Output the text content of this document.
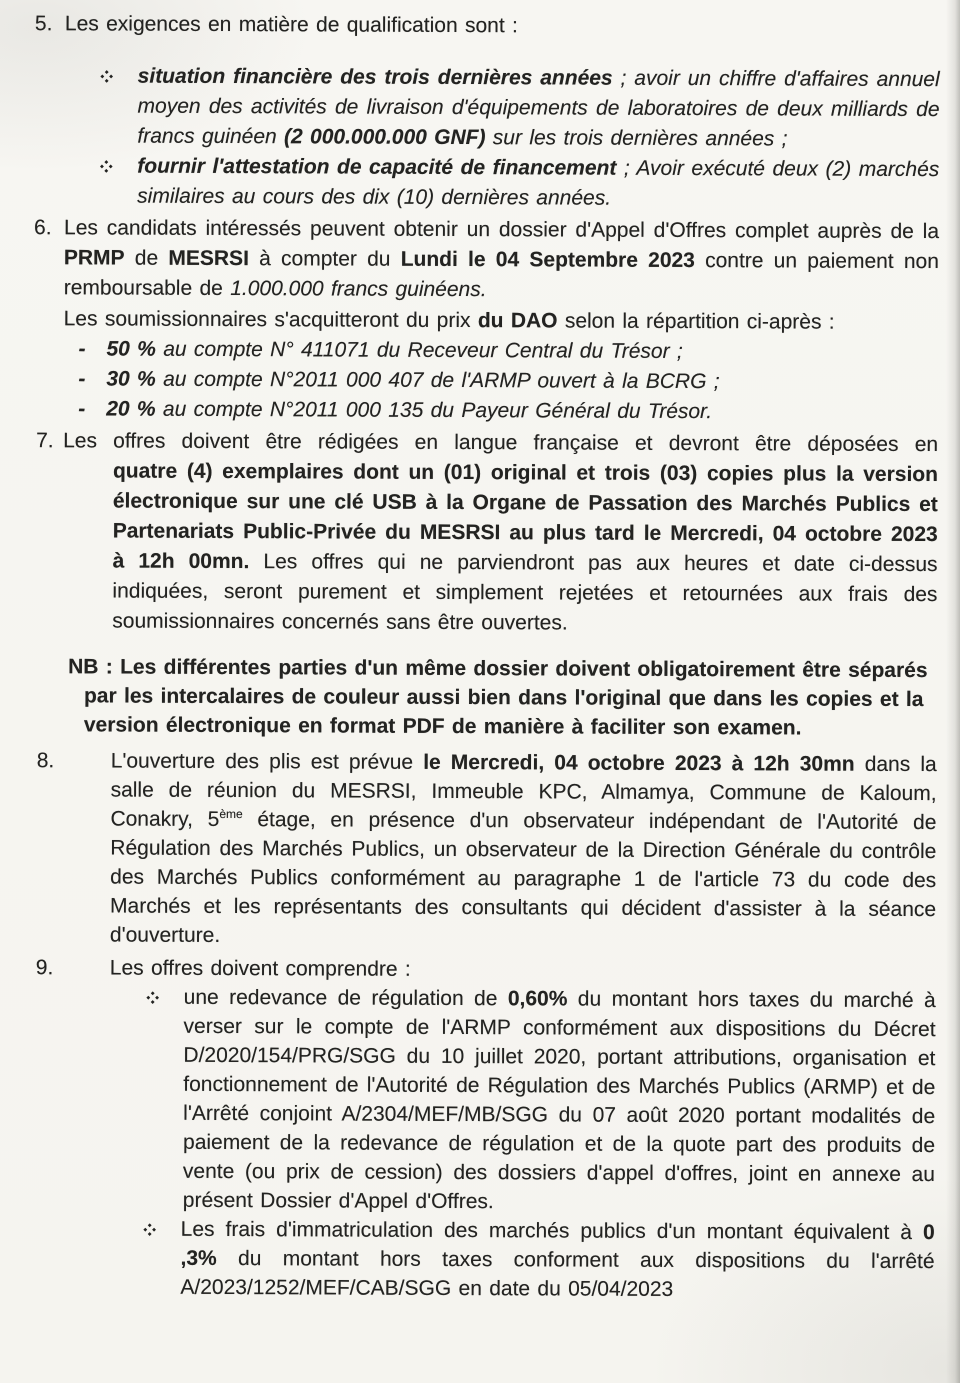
5. Les exigences en matière de qualification sont :
situation financière des trois dernières années ; avoir un chiffre d'affaires annuel moyen des activités de livraison d'équipements de laboratoires de deux milliards de francs guinéen (2 000.000.000 GNF) sur les trois dernières années ;
fournir l'attestation de capacité de financement ; Avoir exécuté deux (2) marchés similaires au cours des dix (10) dernières années.
6. Les candidats intéressés peuvent obtenir un dossier d'Appel d'Offres complet auprès de la PRMP de MESRSI à compter du Lundi le 04 Septembre 2023 contre un paiement non remboursable de 1.000.000 francs guinéens.
Les soumissionnaires s'acquitteront du prix du DAO selon la répartition ci-après :
- 50 % au compte N° 411071 du Receveur Central du Trésor ;
- 30 % au compte N°2011 000 407 de l'ARMP ouvert à la BCRG ;
- 20 % au compte N°2011 000 135 du Payeur Général du Trésor.
7. Les offres doivent être rédigées en langue française et devront être déposées en
quatre (4) exemplaires dont un (01) original et trois (03) copies plus la version électronique sur une clé USB à la Organe de Passation des Marchés Publics et Partenariats Public-Privée du MESRSI au plus tard le Mercredi, 04 octobre 2023 à 12h 00mn. Les offres qui ne parviendront pas aux heures et date ci-dessus indiquées, seront purement et simplement rejetées et retournées aux frais des soumissionnaires concernés sans être ouvertes.
NB : Les différentes parties d'un même dossier doivent obligatoirement être séparés par les intercalaires de couleur aussi bien dans l'original que dans les copies et la version électronique en format PDF de manière à faciliter son examen.
8.	L'ouverture des plis est prévue le Mercredi, 04 octobre 2023 à 12h 30mn dans la salle de réunion du MESRSI, Immeuble KPC, Almamya, Commune de Kaloum, Conakry, 5ème étage, en présence d'un observateur indépendant de l'Autorité de Régulation des Marchés Publics, un observateur de la Direction Générale du contrôle des Marchés Publics conformément au paragraphe 1 de l'article 73 du code des Marchés et les représentants des consultants qui décident d'assister à la séance d'ouverture.
9.	Les offres doivent comprendre :
une redevance de régulation de 0,60% du montant hors taxes du marché à verser sur le compte de l'ARMP conformément aux dispositions du Décret D/2020/154/PRG/SGG du 10 juillet 2020, portant attributions, organisation et fonctionnement de l'Autorité de Régulation des Marchés Publics (ARMP) et de l'Arrêté conjoint A/2304/MEF/MB/SGG du 07 août 2020 portant modalités de paiement de la redevance de régulation et de la quote part des produits de vente (ou prix de cession) des dossiers d'appel d'offres, joint en annexe au présent Dossier d'Appel d'Offres.
Les frais d'immatriculation des marchés publics d'un montant équivalent à 0 ,3% du montant hors taxes conforment aux dispositions du l'arrêté A/2023/1252/MEF/CAB/SGG en date du 05/04/2023
